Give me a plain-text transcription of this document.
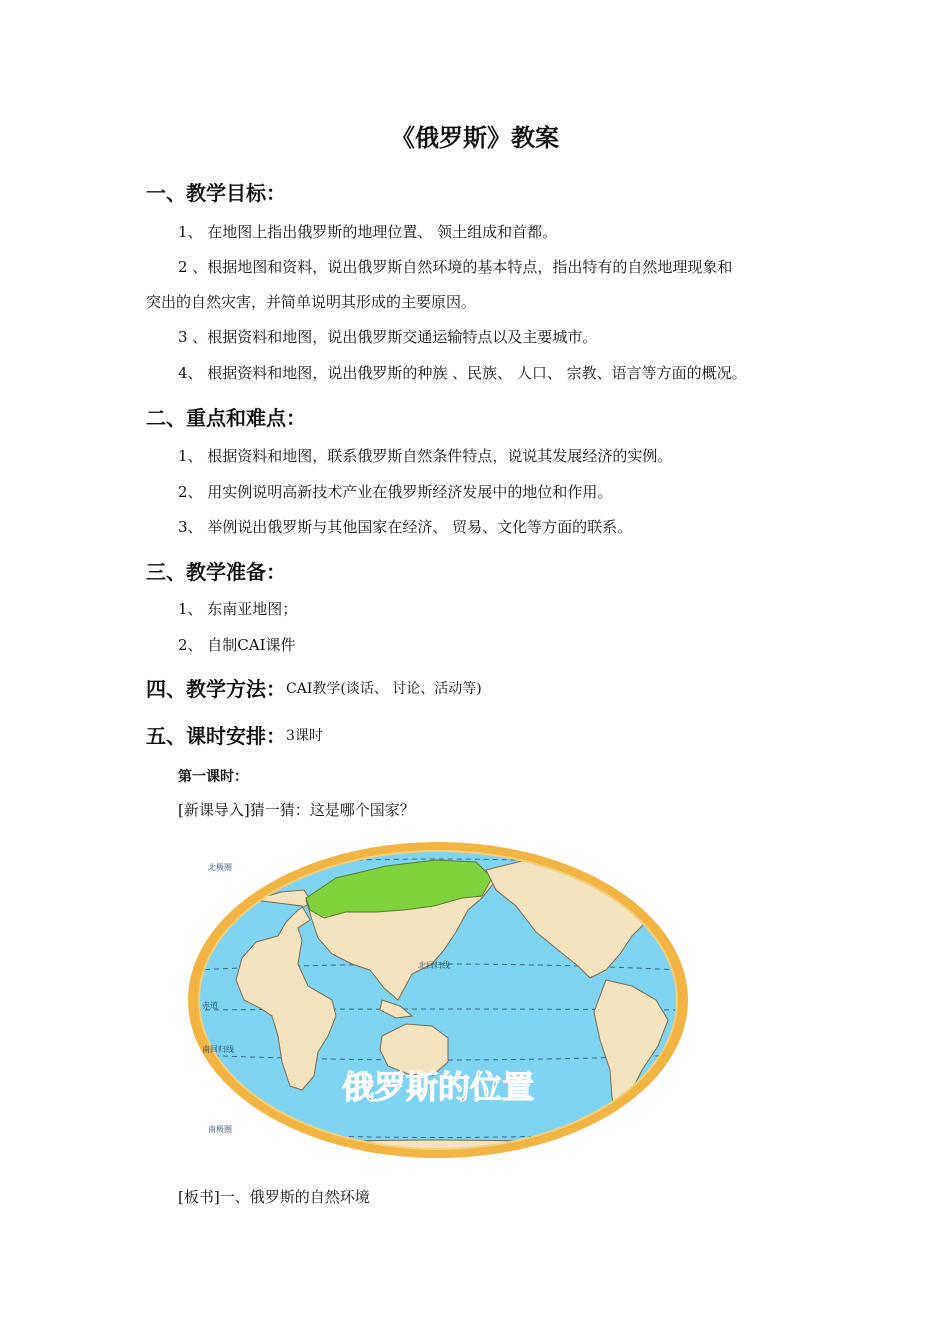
《俄罗斯》教案
一、教学目标：
1、 在地图上指出俄罗斯的地理位置、 领土组成和首都。
2 、根据地图和资料，说出俄罗斯自然环境的基本特点，指出特有的自然地理现象和
突出的自然灾害，并简单说明其形成的主要原因。
3 、根据资料和地图，说出俄罗斯交通运输特点以及主要城市。
4、 根据资料和地图，说出俄罗斯的种族 、民族、 人口、 宗教、语言等方面的概况。
二、重点和难点：
1、 根据资料和地图，联系俄罗斯自然条件特点，说说其发展经济的实例。
2、 用实例说明高新技术产业在俄罗斯经济发展中的地位和作用。
3、 举例说出俄罗斯与其他国家在经济、 贸易、文化等方面的联系。
三、教学准备：
1、 东南亚地图；
2、 自制CAI课件
四、教学方法：CAI教学(谈话、 讨论、活动等)
五、课时安排：3课时
第一课时：
[新课导入]猜一猜：这是哪个国家？
北极圈
北回归线
赤道
南回归线
南极圈
俄罗斯的位置
[板书]一、俄罗斯的自然环境
